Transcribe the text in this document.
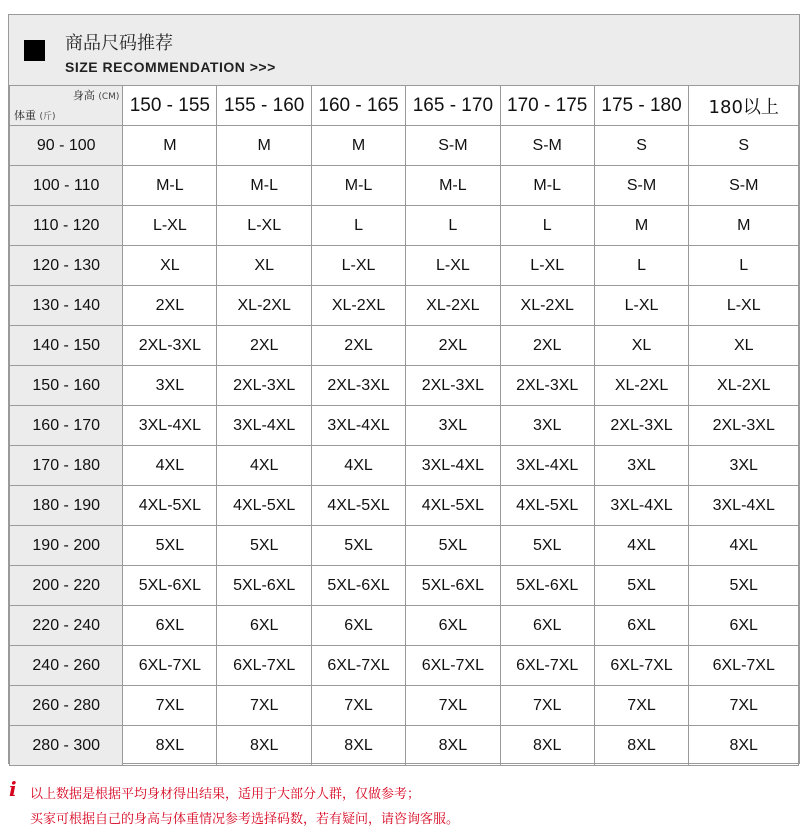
商品尺码推荐
SIZE RECOMMENDATION >>>
身高 (CM)
体重 (斤)	150 - 155	155 - 160	160 - 165	165 - 170	170 - 175	175 - 180	180以上
90 - 100	M	M	M	S-M	S-M	S	S
100 - 110	M-L	M-L	M-L	M-L	M-L	S-M	S-M
110 - 120	L-XL	L-XL	L	L	L	M	M
120 - 130	XL	XL	L-XL	L-XL	L-XL	L	L
130 - 140	2XL	XL-2XL	XL-2XL	XL-2XL	XL-2XL	L-XL	L-XL
140 - 150	2XL-3XL	2XL	2XL	2XL	2XL	XL	XL
150 - 160	3XL	2XL-3XL	2XL-3XL	2XL-3XL	2XL-3XL	XL-2XL	XL-2XL
160 - 170	3XL-4XL	3XL-4XL	3XL-4XL	3XL	3XL	2XL-3XL	2XL-3XL
170 - 180	4XL	4XL	4XL	3XL-4XL	3XL-4XL	3XL	3XL
180 - 190	4XL-5XL	4XL-5XL	4XL-5XL	4XL-5XL	4XL-5XL	3XL-4XL	3XL-4XL
190 - 200	5XL	5XL	5XL	5XL	5XL	4XL	4XL
200 - 220	5XL-6XL	5XL-6XL	5XL-6XL	5XL-6XL	5XL-6XL	5XL	5XL
220 - 240	6XL	6XL	6XL	6XL	6XL	6XL	6XL
240 - 260	6XL-7XL	6XL-7XL	6XL-7XL	6XL-7XL	6XL-7XL	6XL-7XL	6XL-7XL
260 - 280	7XL	7XL	7XL	7XL	7XL	7XL	7XL
280 - 300	8XL	8XL	8XL	8XL	8XL	8XL	8XL
i 以上数据是根据平均身材得出结果，适用于大部分人群，仅做参考；
买家可根据自己的身高与体重情况参考选择码数，若有疑问，请咨询客服。
